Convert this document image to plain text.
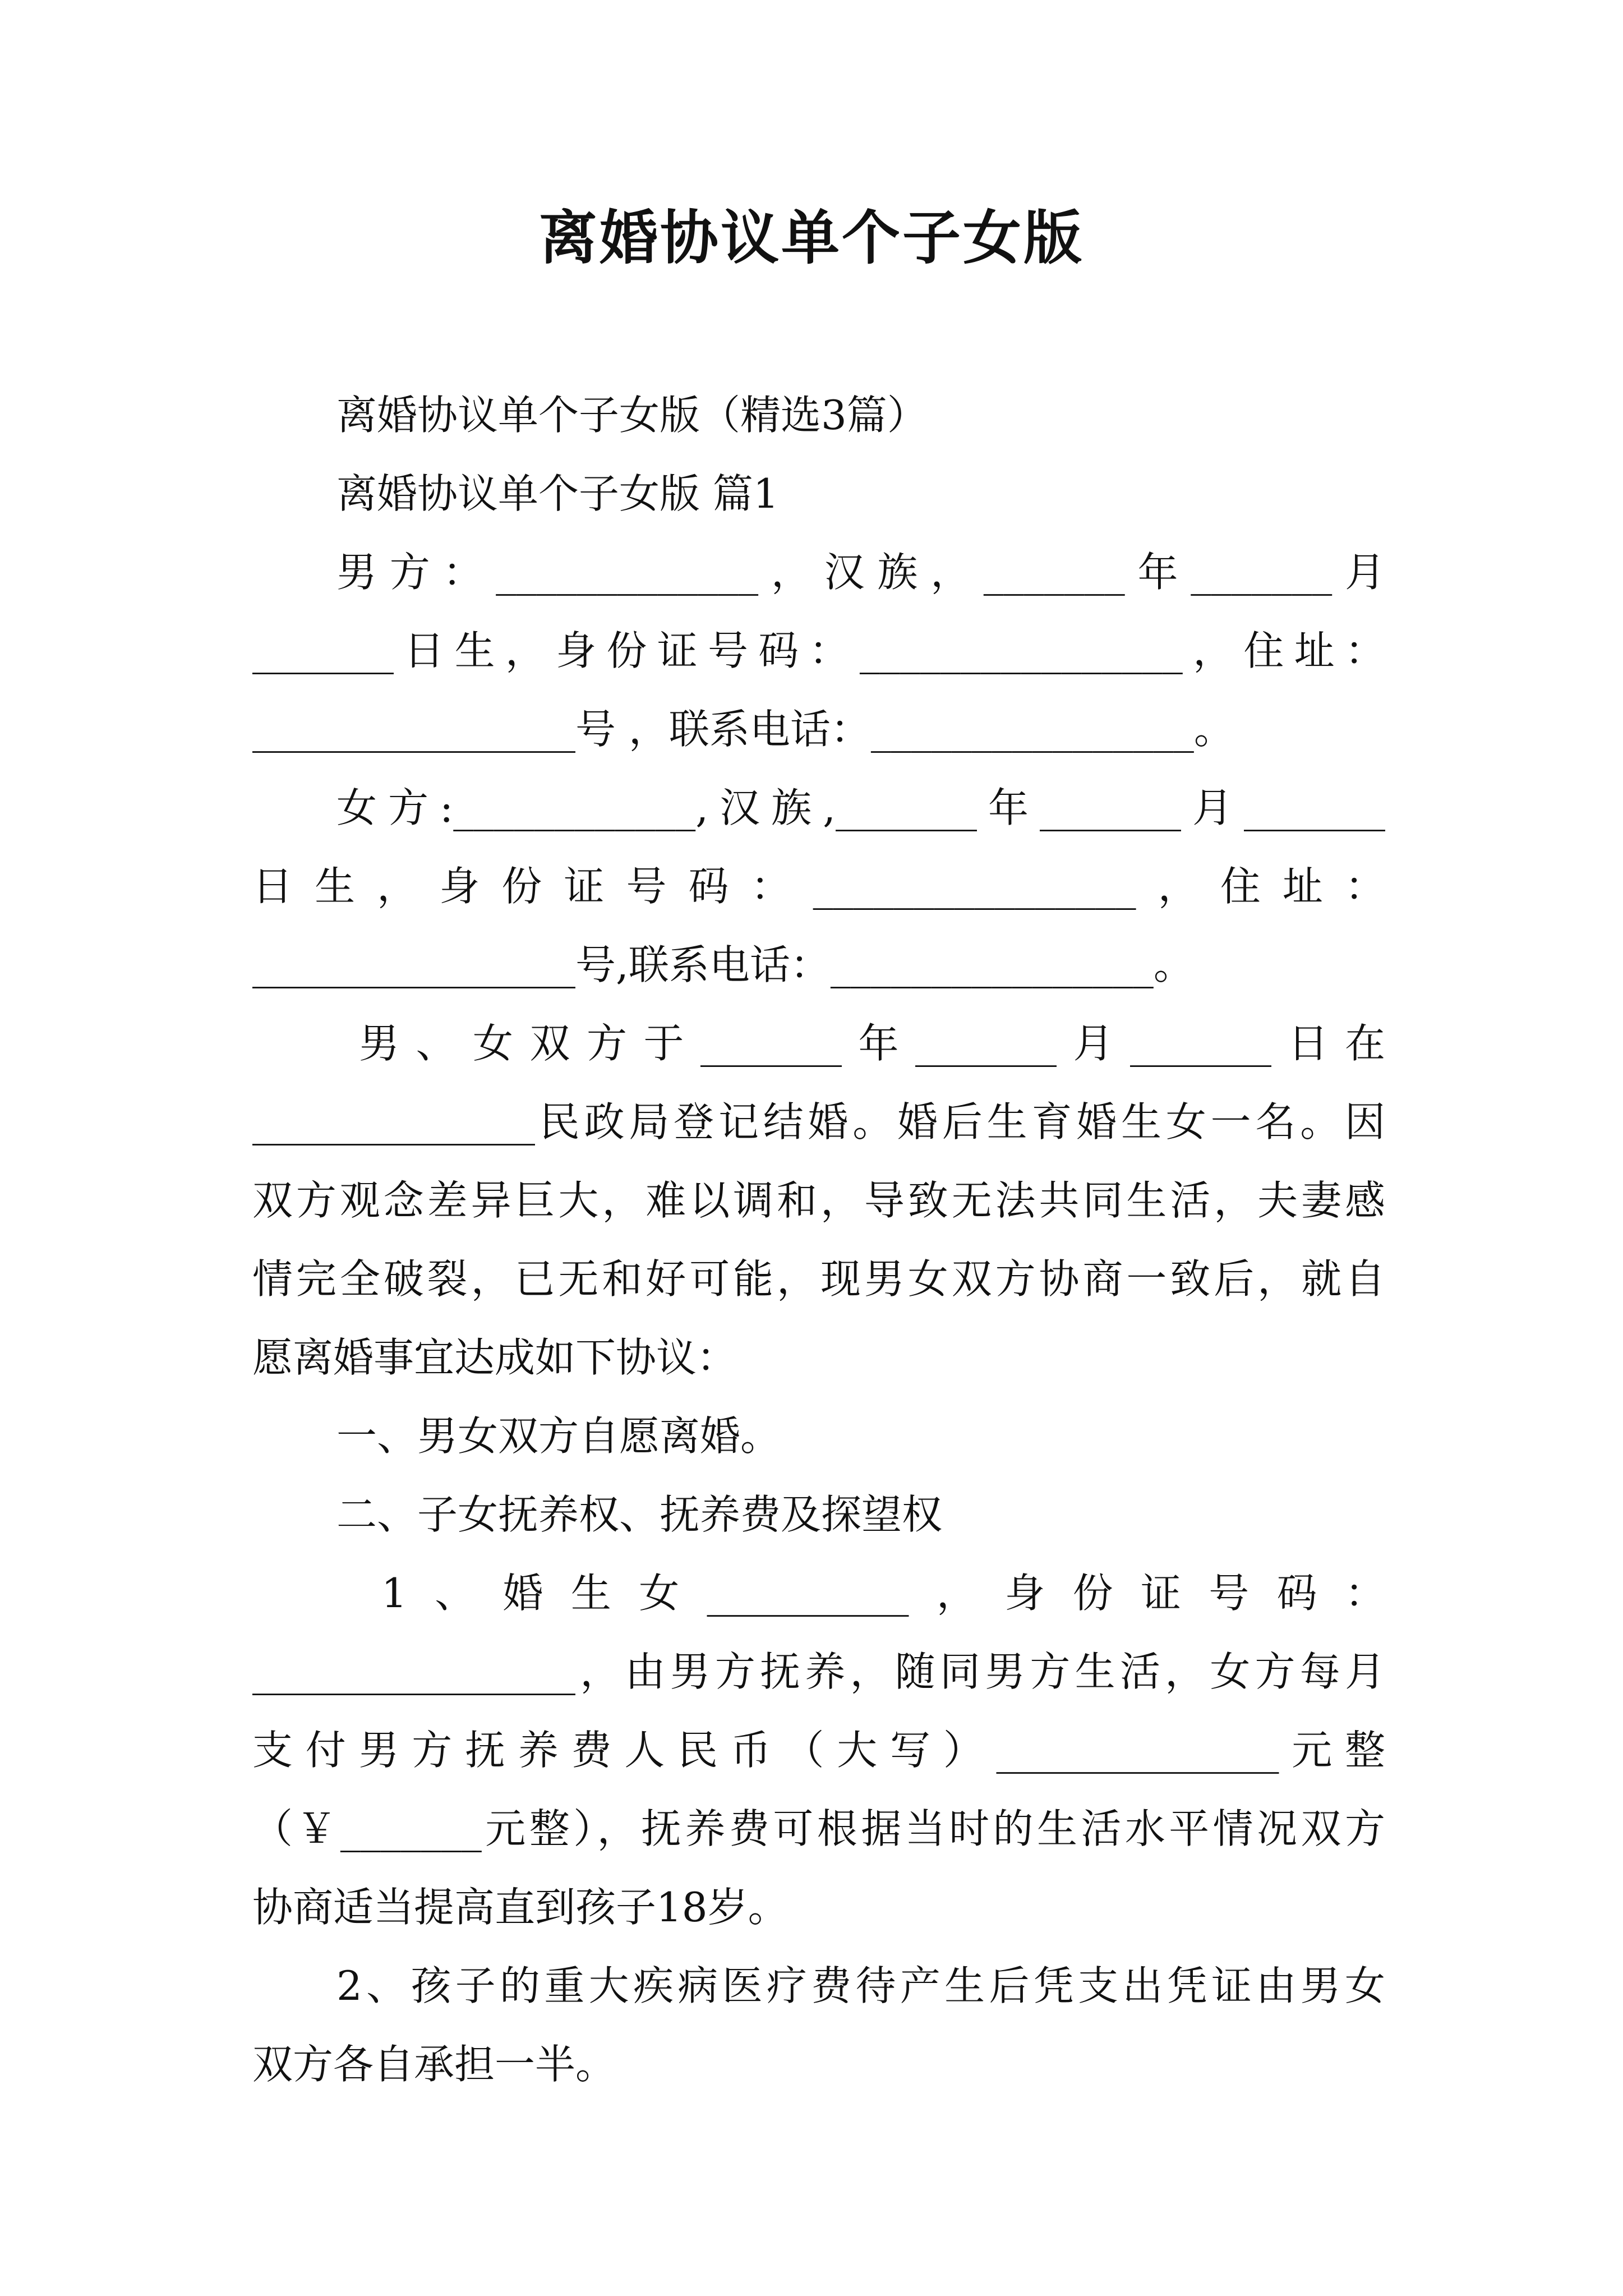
离婚协议单个子女版
离婚协议单个子女版（精选3篇）
离婚协议单个子女版 篇1
男方：_____________，汉族，_______年_______月
_______日生，身份证号码：________________，住址：
________________号 ，联系电话：________________。
女方:____________,汉族,_______年_______月_______
日生，身份证号码：________________，住址：
________________号,联系电话：________________。
男、女双方于_______年_______月_______日在
______________民政局登记结婚。婚后生育婚生女一名。因
双方观念差异巨大，难以调和，导致无法共同生活，夫妻感
情完全破裂，已无和好可能，现男女双方协商一致后，就自
愿离婚事宜达成如下协议：
一、男女双方自愿离婚。
二、子女抚养权、抚养费及探望权
1、婚生女__________，身份证号码：
________________，由男方抚养，随同男方生活，女方每月
支付男方抚养费人民币（大写）______________元整
（￥_______元整），抚养费可根据当时的生活水平情况双方
协商适当提高直到孩子18岁。
2、孩子的重大疾病医疗费待产生后凭支出凭证由男女
双方各自承担一半。
